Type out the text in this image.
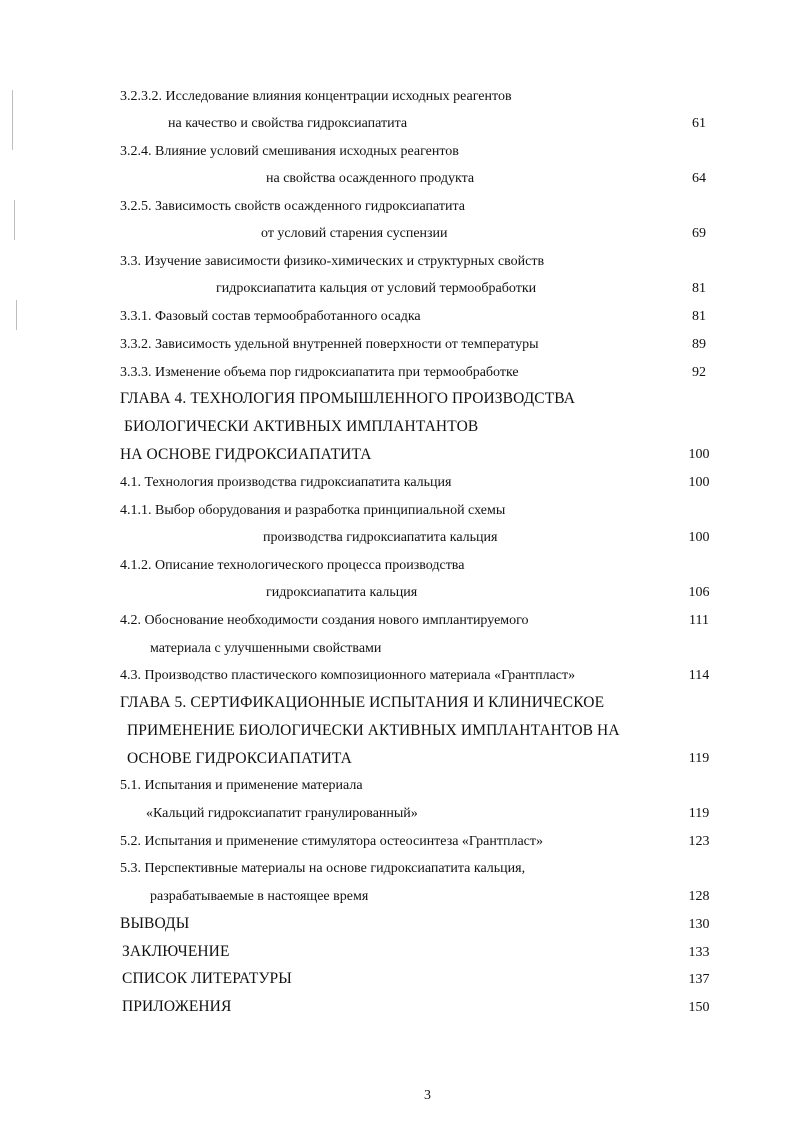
3.2.3.2. Исследование влияния концентрации исходных реагентов
на качество и свойства гидроксиапатита	61
3.2.4. Влияние условий смешивания исходных реагентов
на свойства осажденного продукта	64
3.2.5. Зависимость свойств осажденного гидроксиапатита
от условий старения суспензии	69
3.3. Изучение зависимости физико-химических и структурных свойств
гидроксиапатита кальция от условий термообработки	81
3.3.1. Фазовый состав термообработанного осадка	81
3.3.2. Зависимость удельной внутренней поверхности от температуры	89
3.3.3. Изменение объема пор гидроксиапатита при термообработке	92
ГЛАВА 4. ТЕХНОЛОГИЯ ПРОМЫШЛЕННОГО ПРОИЗВОДСТВА
БИОЛОГИЧЕСКИ АКТИВНЫХ ИМПЛАНТАНТОВ
НА ОСНОВЕ ГИДРОКСИАПАТИТА	100
4.1. Технология производства гидроксиапатита кальция	100
4.1.1. Выбор оборудования и разработка принципиальной схемы
производства гидроксиапатита кальция	100
4.1.2. Описание технологического процесса производства
гидроксиапатита кальция	106
4.2. Обоснование необходимости создания нового имплантируемого	111
материала с улучшенными свойствами
4.3. Производство пластического композиционного материала «Грантпласт»	114
ГЛАВА 5. СЕРТИФИКАЦИОННЫЕ ИСПЫТАНИЯ И КЛИНИЧЕСКОЕ
ПРИМЕНЕНИЕ БИОЛОГИЧЕСКИ АКТИВНЫХ ИМПЛАНТАНТОВ НА
ОСНОВЕ ГИДРОКСИАПАТИТА	119
5.1. Испытания и применение материала
«Кальций гидроксиапатит гранулированный»	119
5.2. Испытания и применение стимулятора остеосинтеза «Грантпласт»	123
5.3. Перспективные материалы на основе гидроксиапатита кальция,
разрабатываемые в настоящее время	128
ВЫВОДЫ	130
ЗАКЛЮЧЕНИЕ	133
СПИСОК ЛИТЕРАТУРЫ	137
ПРИЛОЖЕНИЯ	150
3
